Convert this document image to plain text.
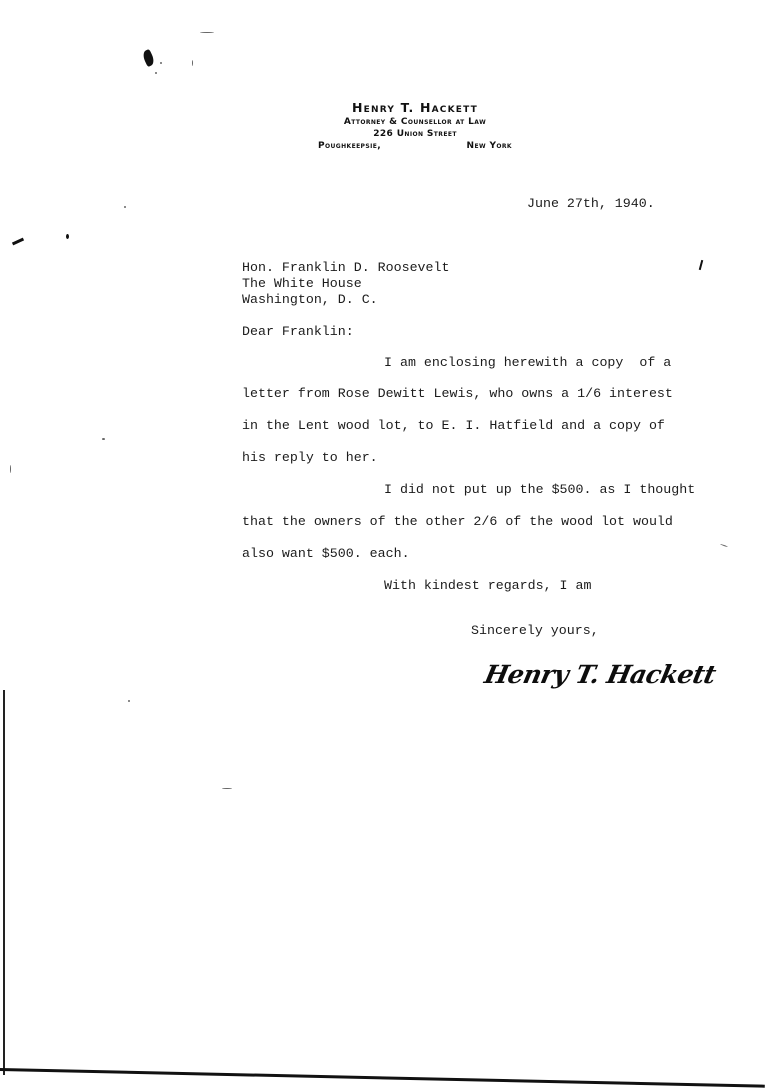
Henry T. Hackett
Attorney & Counsellor at Law
226 Union Street
Poughkeepsie,	New York
June 27th, 1940.
Hon. Franklin D. Roosevelt
The White House
Washington, D. C.
Dear Franklin:
I am enclosing herewith a copy  of a
letter from Rose Dewitt Lewis, who owns a 1/6 interest
in the Lent wood lot, to E. I. Hatfield and a copy of
his reply to her.
I did not put up the $500. as I thought
that the owners of the other 2/6 of the wood lot would
also want $500. each.
With kindest regards, I am
Sincerely yours,
Henry T. Hackett
